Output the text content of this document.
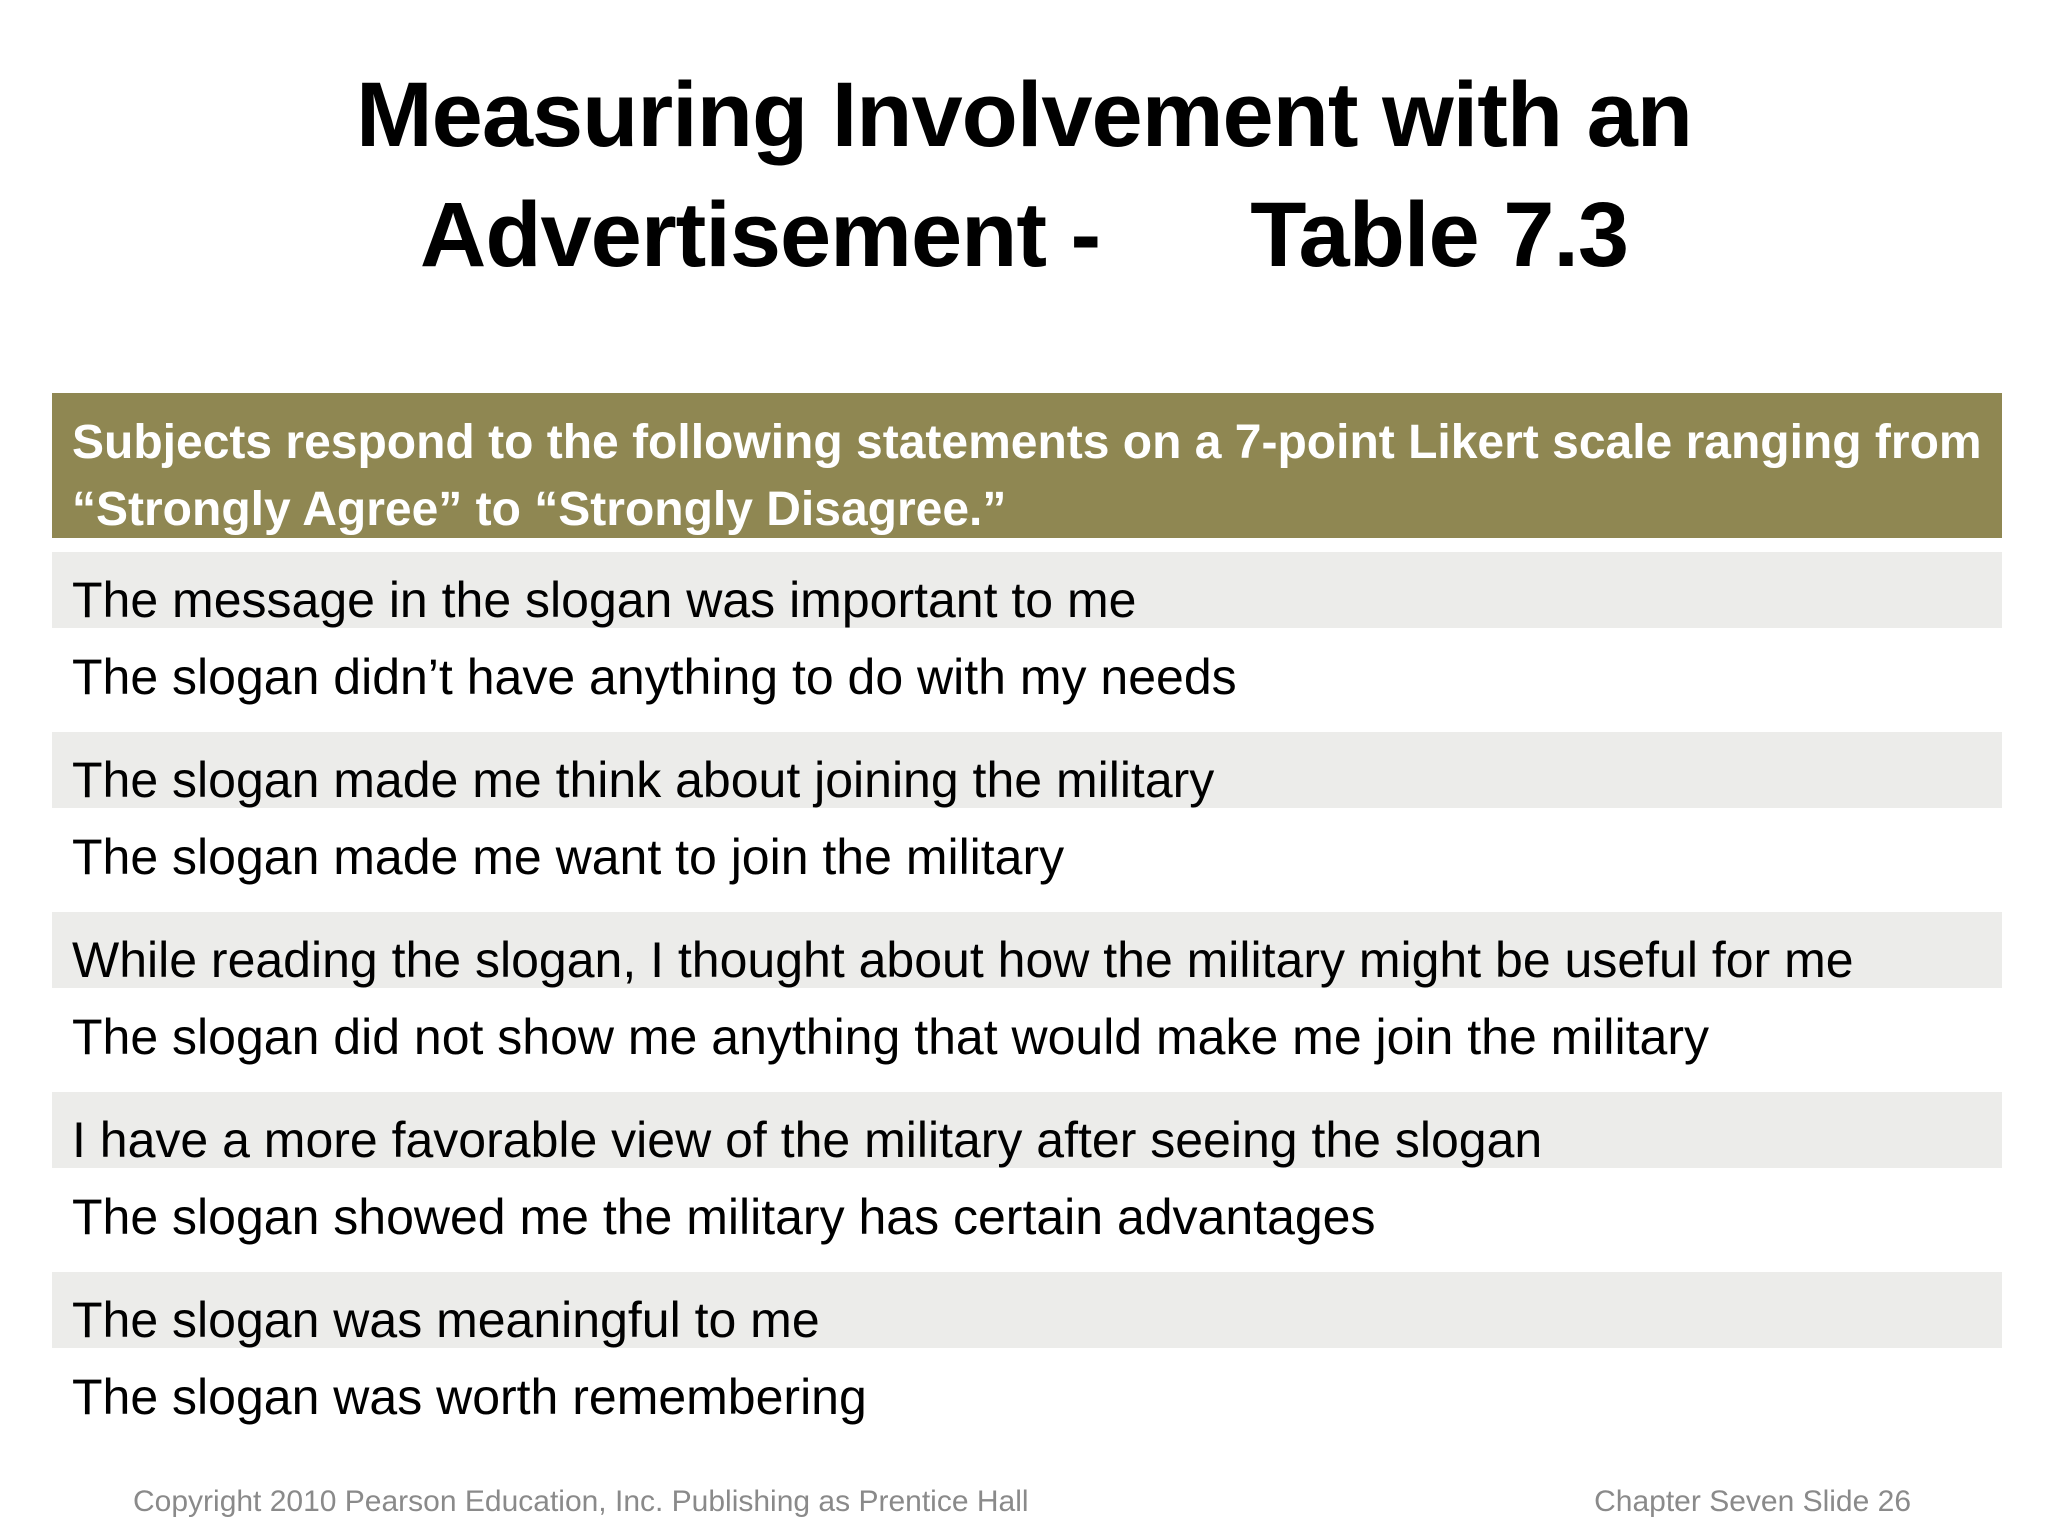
Measuring Involvement with an
Advertisement - Table 7.3
Subjects respond to the following statements on a 7-point Likert scale ranging from “Strongly Agree” to “Strongly Disagree.”
The message in the slogan was important to me
The slogan didn’t have anything to do with my needs
The slogan made me think about joining the military
The slogan made me want to join the military
While reading the slogan, I thought about how the military might be useful for me
The slogan did not show me anything that would make me join the military
I have a more favorable view of the military after seeing the slogan
The slogan showed me the military has certain advantages
The slogan was meaningful to me
The slogan was worth remembering
Copyright 2010 Pearson Education, Inc. Publishing as Prentice Hall	Chapter Seven Slide 26
